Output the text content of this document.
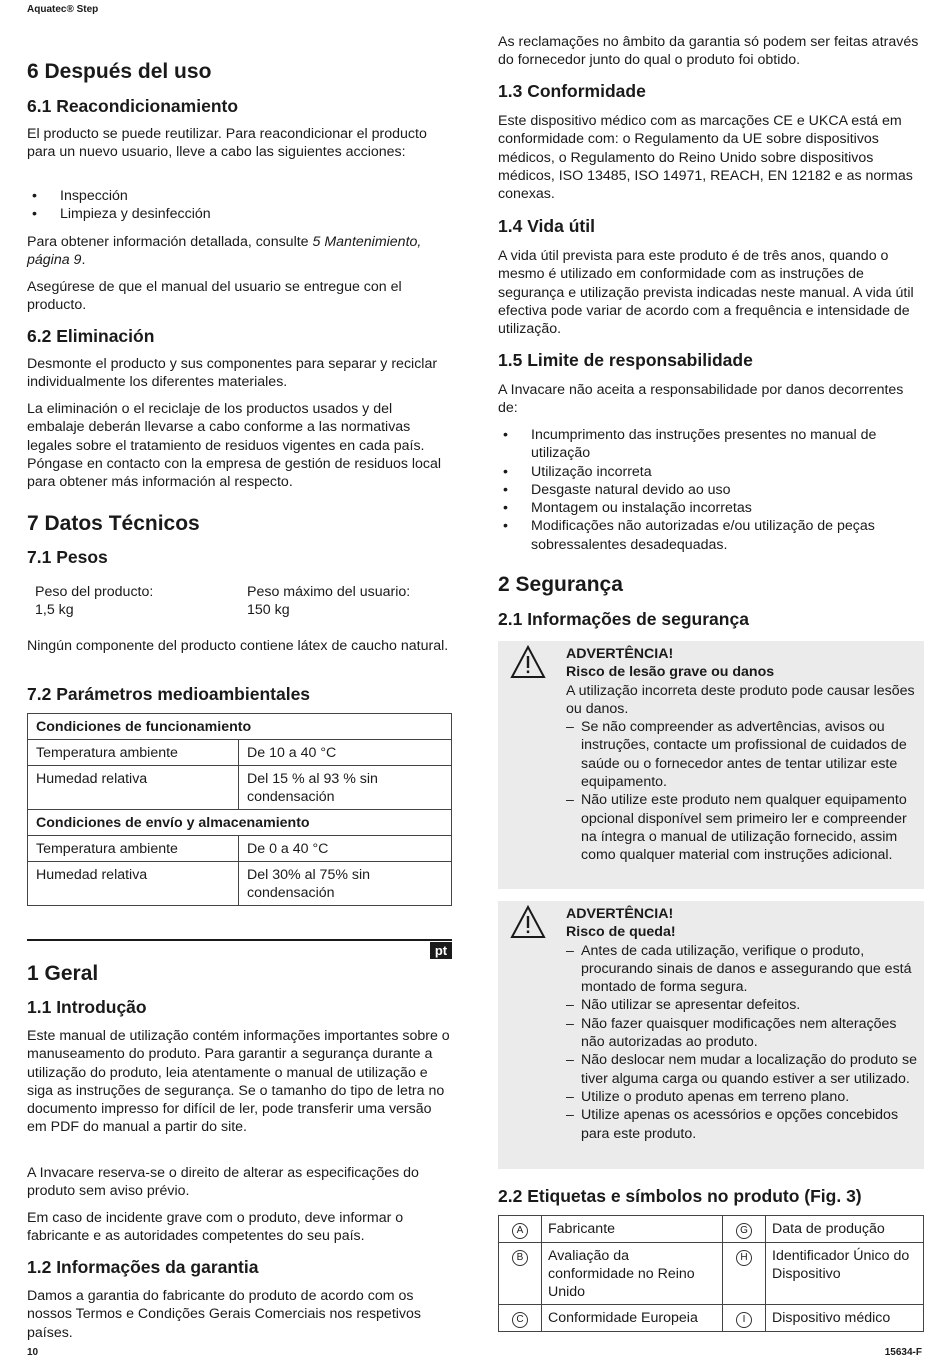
Aquatec® Step
6 Después del uso
6.1 Reacondicionamiento

El producto se puede reutilizar. Para reacondicionar el producto para un nuevo usuario, lleve a cabo las siguientes acciones:

• Inspección
• Limpieza y desinfección

Para obtener información detallada, consulte 5 Mantenimiento, página 9.

Asegúrese de que el manual del usuario se entregue con el producto.

6.2 Eliminación

Desmonte el producto y sus componentes para separar y reciclar individualmente los diferentes materiales.

La eliminación o el reciclaje de los productos usados y del embalaje deberán llevarse a cabo conforme a las normativas legales sobre el tratamiento de residuos vigentes en cada país. Póngase en contacto con la empresa de gestión de residuos local para obtener más información al respecto.

7 Datos Técnicos
7.1 Pesos
Peso del producto:
1,5 kg
Peso máximo del usuario:
150 kg

Ningún componente del producto contiene látex de caucho natural.

7.2 Parámetros medioambientales
Condiciones de funcionamiento	
Temperatura ambiente	De 10 a 40 °C
Humedad relativa	Del 15 % al 93 % sin condensación
Condiciones de envío y almacenamiento	
Temperatura ambiente	De 0 a 40 °C
Humedad relativa	Del 30% al 75% sin condensación
pt
1 Geral
1.1 Introdução

Este manual de utilização contém informações importantes sobre o manuseamento do produto. Para garantir a segurança durante a utilização do produto, leia atentamente o manual de utilização e siga as instruções de segurança. Se o tamanho do tipo de letra no documento impresso for difícil de ler, pode transferir uma versão em PDF do manual a partir do site.

A Invacare reserva-se o direito de alterar as especificações do produto sem aviso prévio.

Em caso de incidente grave com o produto, deve informar o fabricante e as autoridades competentes do seu país.

1.2 Informações da garantia

Damos a garantia do fabricante do produto de acordo com os nossos Termos e Condições Gerais Comerciais nos respetivos países.

As reclamações no âmbito da garantia só podem ser feitas através do fornecedor junto do qual o produto foi obtido.

1.3 Conformidade

Este dispositivo médico com as marcações CE e UKCA está em conformidade com: o Regulamento da UE sobre dispositivos médicos, o Regulamento do Reino Unido sobre dispositivos médicos, ISO 13485, ISO 14971, REACH, EN 12182 e as normas conexas.

1.4 Vida útil

A vida útil prevista para este produto é de três anos, quando o mesmo é utilizado em conformidade com as instruções de segurança e utilização prevista indicadas neste manual. A vida útil efectiva pode variar de acordo com a frequência e intensidade de utilização.

1.5 Limite de responsabilidade

A Invacare não aceita a responsabilidade por danos decorrentes de:

• Incumprimento das instruções presentes no manual de utilização
• Utilização incorreta
• Desgaste natural devido ao uso
• Montagem ou instalação incorretas
• Modificações não autorizadas e/ou utilização de peças sobressalentes desadequadas.
2 Segurança
2.1 Informações de segurança
ADVERTÊNCIA!
Risco de lesão grave ou danos
A utilização incorreta deste produto pode causar lesões ou danos.
– Se não compreender as advertências, avisos ou instruções, contacte um profissional de cuidados de saúde ou o fornecedor antes de tentar utilizar este equipamento.
– Não utilize este produto nem qualquer equipamento opcional disponível sem primeiro ler e compreender na íntegra o manual de utilização fornecido, assim como qualquer material com instruções adicional.
ADVERTÊNCIA!
Risco de queda!
– Antes de cada utilização, verifique o produto, procurando sinais de danos e assegurando que está montado de forma segura.
– Não utilizar se apresentar defeitos.
– Não fazer quaisquer modificações nem alterações não autorizadas ao produto.
– Não deslocar nem mudar a localização do produto se tiver alguma carga ou quando estiver a ser utilizado.
– Utilize o produto apenas em terreno plano.
– Utilize apenas os acessórios e opções concebidos para este produto.
2.2 Etiquetas e símbolos no produto (Fig. 3)
A	Fabricante	G	Data de produção
B	Avaliação da conformidade no Reino Unido	H	Identificador Único do Dispositivo
C	Conformidade Europeia	I	Dispositivo médico
10	15634-F
